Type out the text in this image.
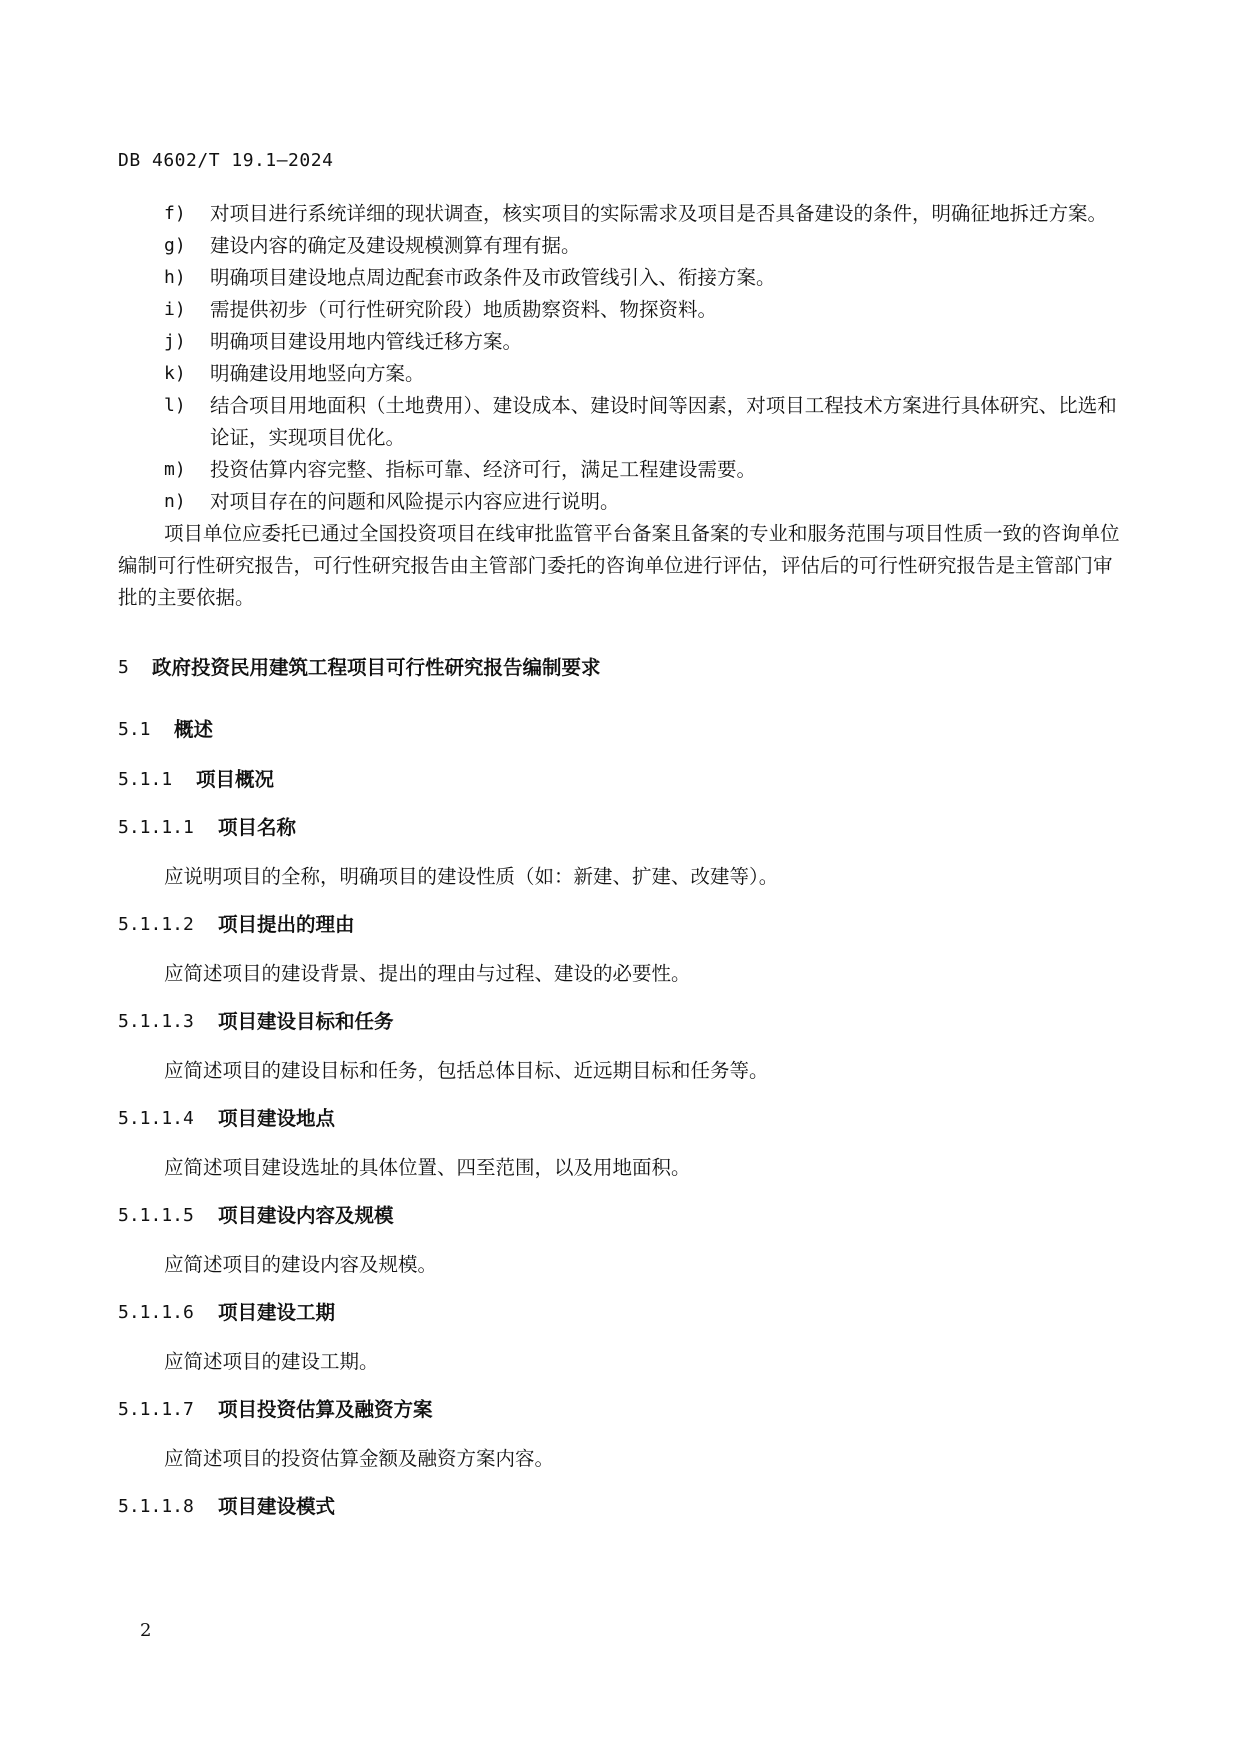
DB 4602/T 19.1—2024
f)	对项目进行系统详细的现状调查，核实项目的实际需求及项目是否具备建设的条件，明确征地拆迁方案。
g)	建设内容的确定及建设规模测算有理有据。
h)	明确项目建设地点周边配套市政条件及市政管线引入、衔接方案。
i)	需提供初步（可行性研究阶段）地质勘察资料、物探资料。
j)	明确项目建设用地内管线迁移方案。
k)	明确建设用地竖向方案。
l)	结合项目用地面积（土地费用）、建设成本、建设时间等因素，对项目工程技术方案进行具体研究、比选和论证，实现项目优化。
m)	投资估算内容完整、指标可靠、经济可行，满足工程建设需要。
n)	对项目存在的问题和风险提示内容应进行说明。
项目单位应委托已通过全国投资项目在线审批监管平台备案且备案的专业和服务范围与项目性质一致的咨询单位编制可行性研究报告，可行性研究报告由主管部门委托的咨询单位进行评估，评估后的可行性研究报告是主管部门审批的主要依据。
5	政府投资民用建筑工程项目可行性研究报告编制要求
5.1	概述
5.1.1	项目概况
5.1.1.1	项目名称
应说明项目的全称，明确项目的建设性质（如：新建、扩建、改建等）。
5.1.1.2	项目提出的理由
应简述项目的建设背景、提出的理由与过程、建设的必要性。
5.1.1.3	项目建设目标和任务
应简述项目的建设目标和任务，包括总体目标、近远期目标和任务等。
5.1.1.4	项目建设地点
应简述项目建设选址的具体位置、四至范围，以及用地面积。
5.1.1.5	项目建设内容及规模
应简述项目的建设内容及规模。
5.1.1.6	项目建设工期
应简述项目的建设工期。
5.1.1.7	项目投资估算及融资方案
应简述项目的投资估算金额及融资方案内容。
5.1.1.8	项目建设模式
2
